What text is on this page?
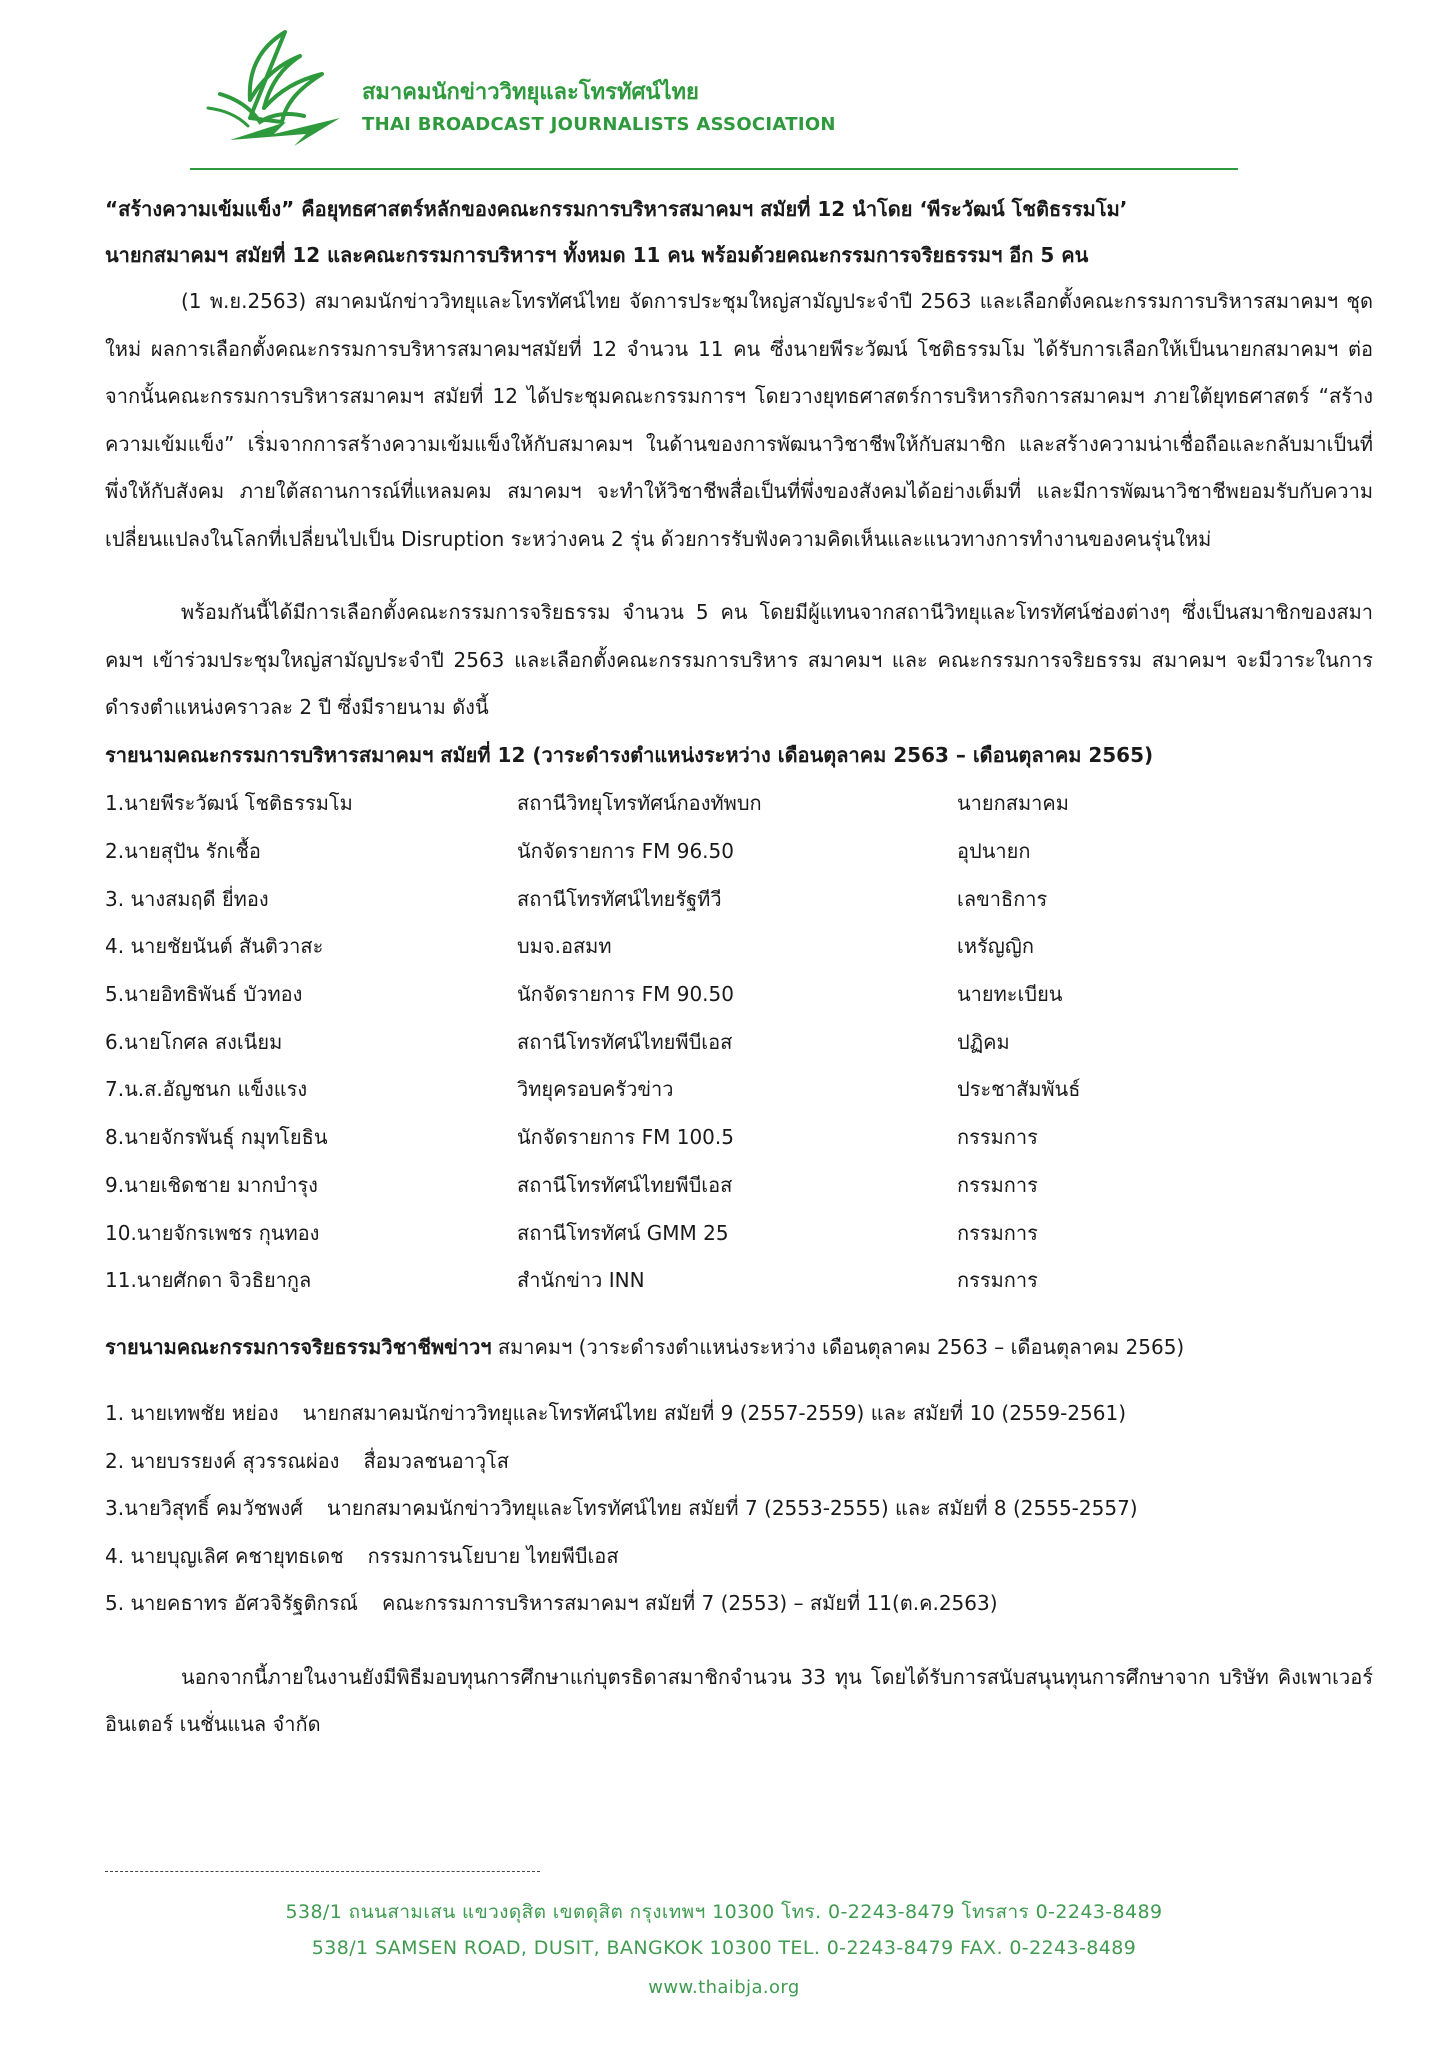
สมาคมนักข่าววิทยุและโทรทัศน์ไทย
THAI BROADCAST JOURNALISTS ASSOCIATION

“สร้างความเข้มแข็ง” คือยุทธศาสตร์หลักของคณะกรรมการบริหารสมาคมฯ สมัยที่ 12 นำโดย ‘พีระวัฒน์ โชติธรรมโม’

นายกสมาคมฯ สมัยที่ 12 และคณะกรรมการบริหารฯ ทั้งหมด 11 คน พร้อมด้วยคณะกรรมการจริยธรรมฯ อีก 5 คน

(1 พ.ย.2563) สมาคมนักข่าววิทยุและโทรทัศน์ไทย จัดการประชุมใหญ่สามัญประจำปี 2563 และเลือกตั้งคณะกรรมการบริหารสมาคมฯ ชุดใหม่ ผลการเลือกตั้งคณะกรรมการบริหารสมาคมฯสมัยที่ 12 จำนวน 11 คน ซึ่งนายพีระวัฒน์ โชติธรรมโม ได้รับการเลือกให้เป็นนายกสมาคมฯ ต่อจากนั้นคณะกรรมการบริหารสมาคมฯ สมัยที่ 12 ได้ประชุมคณะกรรมการฯ โดยวางยุทธศาสตร์การบริหารกิจการสมาคมฯ ภายใต้ยุทธศาสตร์ “สร้างความเข้มแข็ง” เริ่มจากการสร้างความเข้มแข็งให้กับสมาคมฯ ในด้านของการพัฒนาวิชาชีพให้กับสมาชิก และสร้างความน่าเชื่อถือและกลับมาเป็นที่พึ่งให้กับสังคม ภายใต้สถานการณ์ที่แหลมคม สมาคมฯ จะทำให้วิชาชีพสื่อเป็นที่พึ่งของสังคมได้อย่างเต็มที่ และมีการพัฒนาวิชาชีพยอมรับกับความเปลี่ยนแปลงในโลกที่เปลี่ยนไปเป็น Disruption ระหว่างคน 2 รุ่น ด้วยการรับฟังความคิดเห็นและแนวทางการทำงานของคนรุ่นใหม่

พร้อมกันนี้ได้มีการเลือกตั้งคณะกรรมการจริยธรรม จำนวน 5 คน โดยมีผู้แทนจากสถานีวิทยุและโทรทัศน์ช่องต่างๆ ซึ่งเป็นสมาชิกของสมาคมฯ เข้าร่วมประชุมใหญ่สามัญประจำปี 2563 และเลือกตั้งคณะกรรมการบริหาร สมาคมฯ และ คณะกรรมการจริยธรรม สมาคมฯ จะมีวาระในการดำรงตำแหน่งคราวละ 2 ปี ซึ่งมีรายนาม ดังนี้

รายนามคณะกรรมการบริหารสมาคมฯ สมัยที่ 12 (วาระดำรงตำแหน่งระหว่าง เดือนตุลาคม 2563 – เดือนตุลาคม 2565)

1.นายพีระวัฒน์ โชติธรรมโม	สถานีวิทยุโทรทัศน์กองทัพบก	นายกสมาคม
2.นายสุปัน รักเชื้อ	นักจัดรายการ FM 96.50	อุปนายก
3. นางสมฤดี ยี่ทอง	สถานีโทรทัศน์ไทยรัฐทีวี	เลขาธิการ
4. นายชัยนันต์ สันติวาสะ	บมจ.อสมท	เหรัญญิก
5.นายอิทธิพันธ์ บัวทอง	นักจัดรายการ FM 90.50	นายทะเบียน
6.นายโกศล สงเนียม	สถานีโทรทัศน์ไทยพีบีเอส	ปฏิคม
7.น.ส.อัญชนก แข็งแรง	วิทยุครอบครัวข่าว	ประชาสัมพันธ์
8.นายจักรพันธุ์ กมุทโยธิน	นักจัดรายการ FM 100.5	กรรมการ
9.นายเชิดชาย มากบำรุง	สถานีโทรทัศน์ไทยพีบีเอส	กรรมการ
10.นายจักรเพชร กุนทอง	สถานีโทรทัศน์ GMM 25	กรรมการ
11.นายศักดา จิวธิยากูล	สำนักข่าว INN	กรรมการ

รายนามคณะกรรมการจริยธรรมวิชาชีพข่าวฯ สมาคมฯ (วาระดำรงตำแหน่งระหว่าง เดือนตุลาคม 2563 – เดือนตุลาคม 2565)

1. นายเทพชัย หย่อง นายกสมาคมนักข่าววิทยุและโทรทัศน์ไทย สมัยที่ 9 (2557-2559) และ สมัยที่ 10 (2559-2561)
2. นายบรรยงค์ สุวรรณผ่อง สื่อมวลชนอาวุโส
3.นายวิสุทธิ์ คมวัชพงศ์ นายกสมาคมนักข่าววิทยุและโทรทัศน์ไทย สมัยที่ 7 (2553-2555) และ สมัยที่ 8 (2555-2557)
4. นายบุญเลิศ คชายุทธเดช กรรมการนโยบาย ไทยพีบีเอส
5. นายคธาทร อัศวจิรัฐติกรณ์ คณะกรรมการบริหารสมาคมฯ สมัยที่ 7 (2553) – สมัยที่ 11(ต.ค.2563)

นอกจากนี้ภายในงานยังมีพิธีมอบทุนการศึกษาแก่บุตรธิดาสมาชิกจำนวน 33 ทุน โดยได้รับการสนับสนุนทุนการศึกษาจาก บริษัท คิงเพาเวอร์ อินเตอร์ เนชั่นแนล จำกัด

538/1 ถนนสามเสน แขวงดุสิต เขตดุสิต กรุงเทพฯ 10300 โทร. 0-2243-8479 โทรสาร 0-2243-8489
538/1 SAMSEN ROAD, DUSIT, BANGKOK 10300 TEL. 0-2243-8479 FAX. 0-2243-8489
www.thaibja.org
